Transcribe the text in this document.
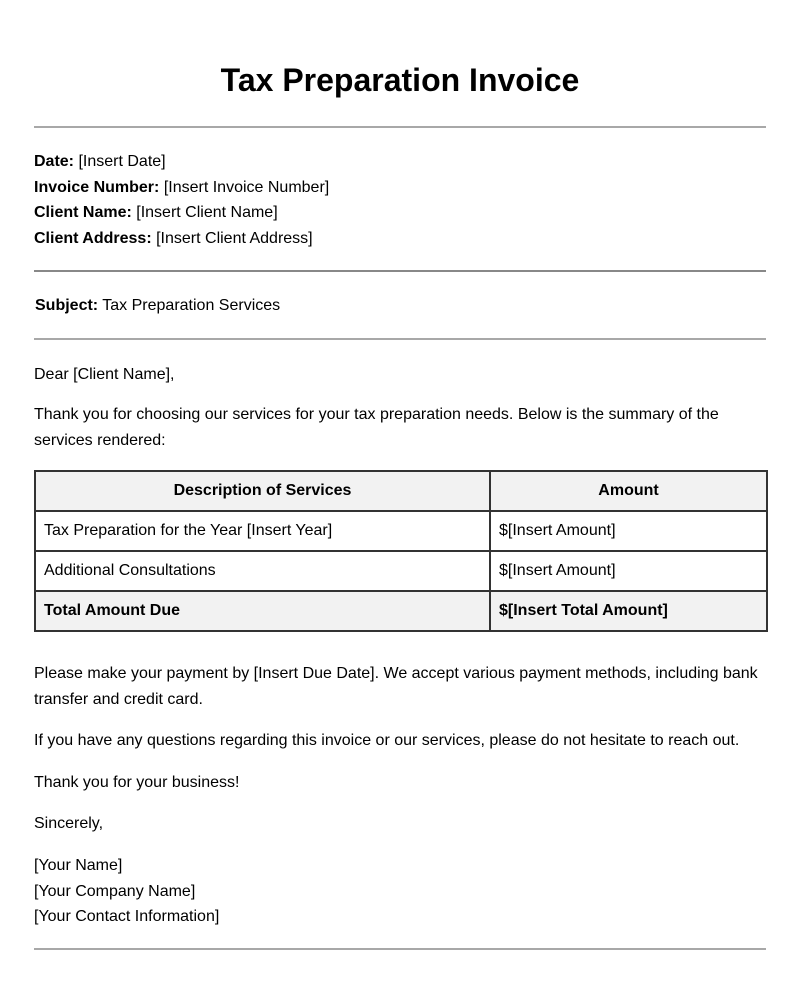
Tax Preparation Invoice

Date: [Insert Date]

Invoice Number: [Insert Invoice Number]

Client Name: [Insert Client Name]

Client Address: [Insert Client Address]

Subject: Tax Preparation Services

Dear [Client Name],

Thank you for choosing our services for your tax preparation needs. Below is the summary of the services rendered:

Description of Services	Amount
Tax Preparation for the Year [Insert Year]	$[Insert Amount]
Additional Consultations	$[Insert Amount]
Total Amount Due	$[Insert Total Amount]

Please make your payment by [Insert Due Date]. We accept various payment methods, including bank transfer and credit card.

If you have any questions regarding this invoice or our services, please do not hesitate to reach out.

Thank you for your business!

Sincerely,

[Your Name]

[Your Company Name]

[Your Contact Information]
